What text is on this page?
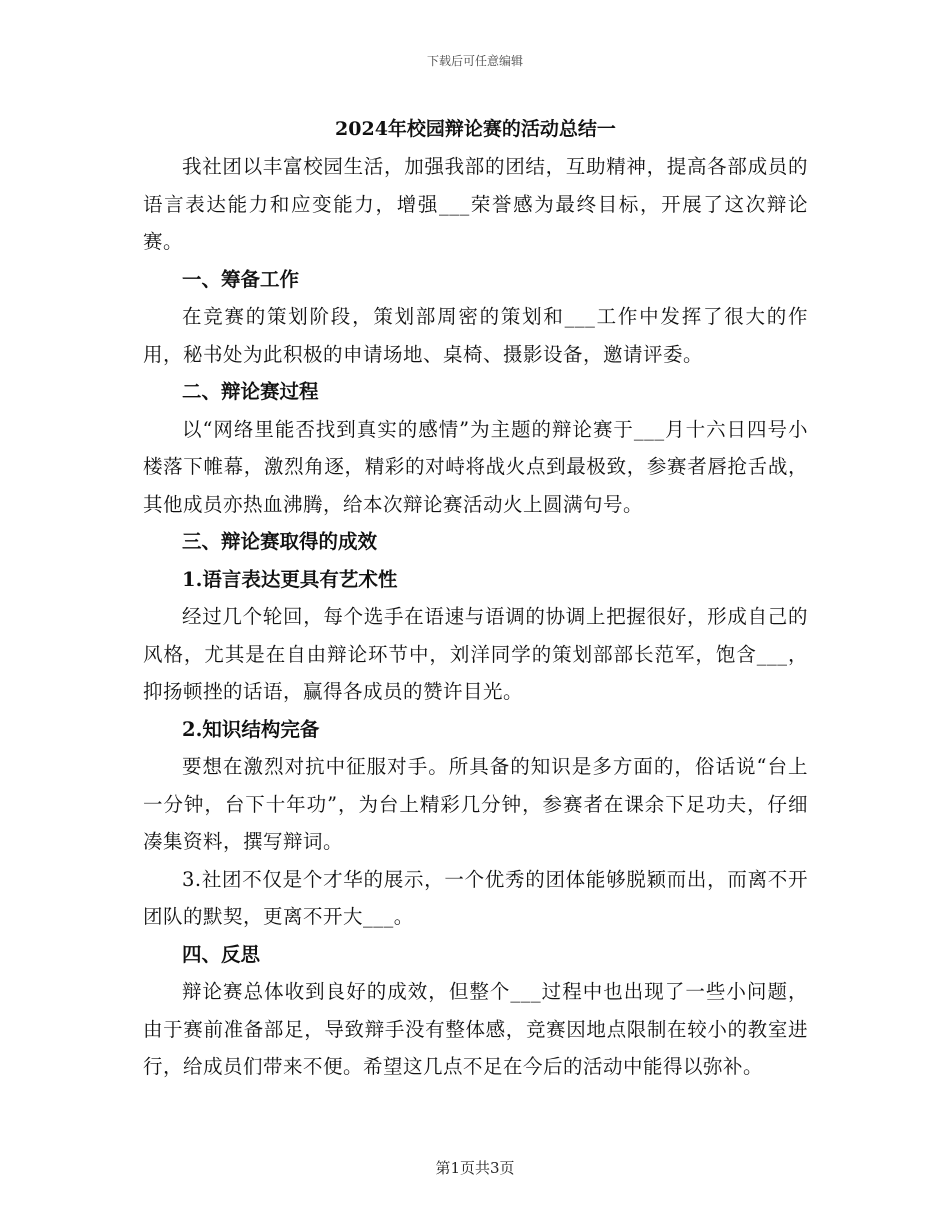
下载后可任意编辑
2024年校园辩论赛的活动总结一

我社团以丰富校园生活，加强我部的团结，互助精神，提高各部成员的语言表达能力和应变能力，增强___荣誉感为最终目标，开展了这次辩论赛。

一、筹备工作

在竞赛的策划阶段，策划部周密的策划和___工作中发挥了很大的作用，秘书处为此积极的申请场地、桌椅、摄影设备，邀请评委。

二、辩论赛过程

以“网络里能否找到真实的感情”为主题的辩论赛于___月十六日四号小楼落下帷幕，激烈角逐，精彩的对峙将战火点到最极致，参赛者唇抢舌战，其他成员亦热血沸腾，给本次辩论赛活动火上圆满句号。

三、辩论赛取得的成效

1.语言表达更具有艺术性

经过几个轮回，每个选手在语速与语调的协调上把握很好，形成自己的风格，尤其是在自由辩论环节中，刘洋同学的策划部部长范军，饱含___，抑扬顿挫的话语，赢得各成员的赞许目光。

2.知识结构完备

要想在激烈对抗中征服对手。所具备的知识是多方面的，俗话说“台上一分钟，台下十年功”，为台上精彩几分钟，参赛者在课余下足功夫，仔细凑集资料，撰写辩词。

3.社团不仅是个才华的展示，一个优秀的团体能够脱颖而出，而离不开团队的默契，更离不开大___。

四、反思

辩论赛总体收到良好的成效，但整个___过程中也出现了一些小问题，由于赛前准备部足，导致辩手没有整体感，竞赛因地点限制在较小的教室进行，给成员们带来不便。希望这几点不足在今后的活动中能得以弥补。

第1页共3页
